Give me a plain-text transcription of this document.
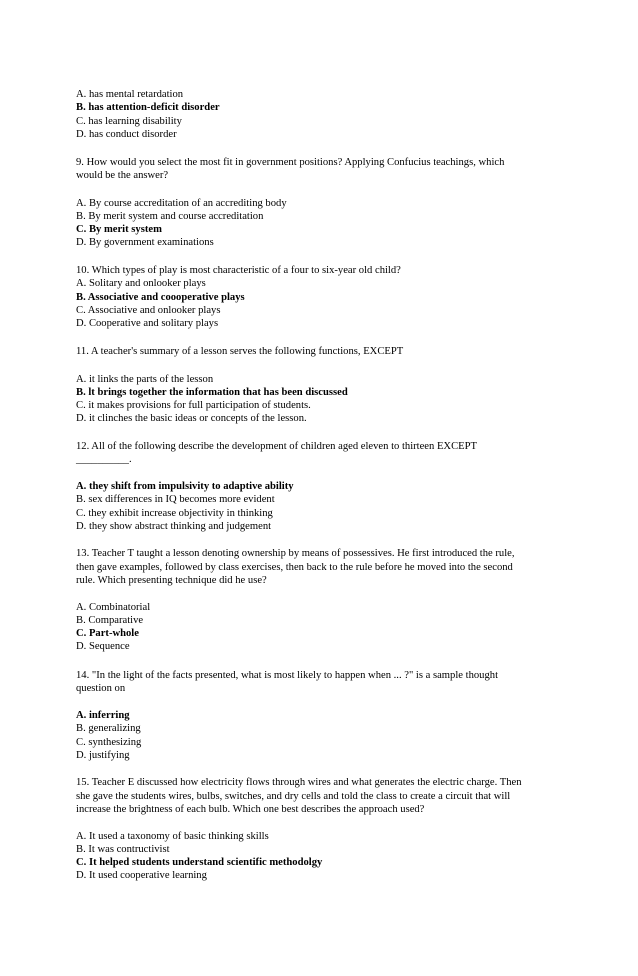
A. has mental retardation
B. has attention-deficit disorder
C. has learning disability
D. has conduct disorder
9. How would you select the most fit in government positions? Applying Confucius teachings, which
would be the answer?
A. By course accreditation of an accrediting body
B. By merit system and course accreditation
C. By merit system
D. By government examinations
10. Which types of play is most characteristic of a four to six-year old child?
A. Solitary and onlooker plays
B. Associative and coooperative plays
C. Associative and onlooker plays
D. Cooperative and solitary plays
11. A teacher's summary of a lesson serves the following functions, EXCEPT
A. it links the parts of the lesson
B. lt brings together the information that has been discussed
C. it makes provisions for full participation of students.
D. it clinches the basic ideas or concepts of the lesson.
12. All of the following describe the development of children aged eleven to thirteen EXCEPT
__________.
A. they shift from impulsivity to adaptive ability
B. sex differences in IQ becomes more evident
C. they exhibit increase objectivity in thinking
D. they show abstract thinking and judgement
13. Teacher T taught a lesson denoting ownership by means of possessives. He first introduced the rule,
then gave examples, followed by class exercises, then back to the rule before he moved into the second
rule. Which presenting technique did he use?
A. Combinatorial
B. Comparative
C. Part-whole
D. Sequence
14. "In the light of the facts presented, what is most likely to happen when ... ?" is a sample thought
question on
A. inferring
B. generalizing
C. synthesizing
D. justifying
15. Teacher E discussed how electricity flows through wires and what generates the electric charge. Then
she gave the students wires, bulbs, switches, and dry cells and told the class to create a circuit that will
increase the brightness of each bulb. Which one best describes the approach used?
A. It used a taxonomy of basic thinking skills
B. It was contructivist
C. It helped students understand scientific methodolgy
D. It used cooperative learning
